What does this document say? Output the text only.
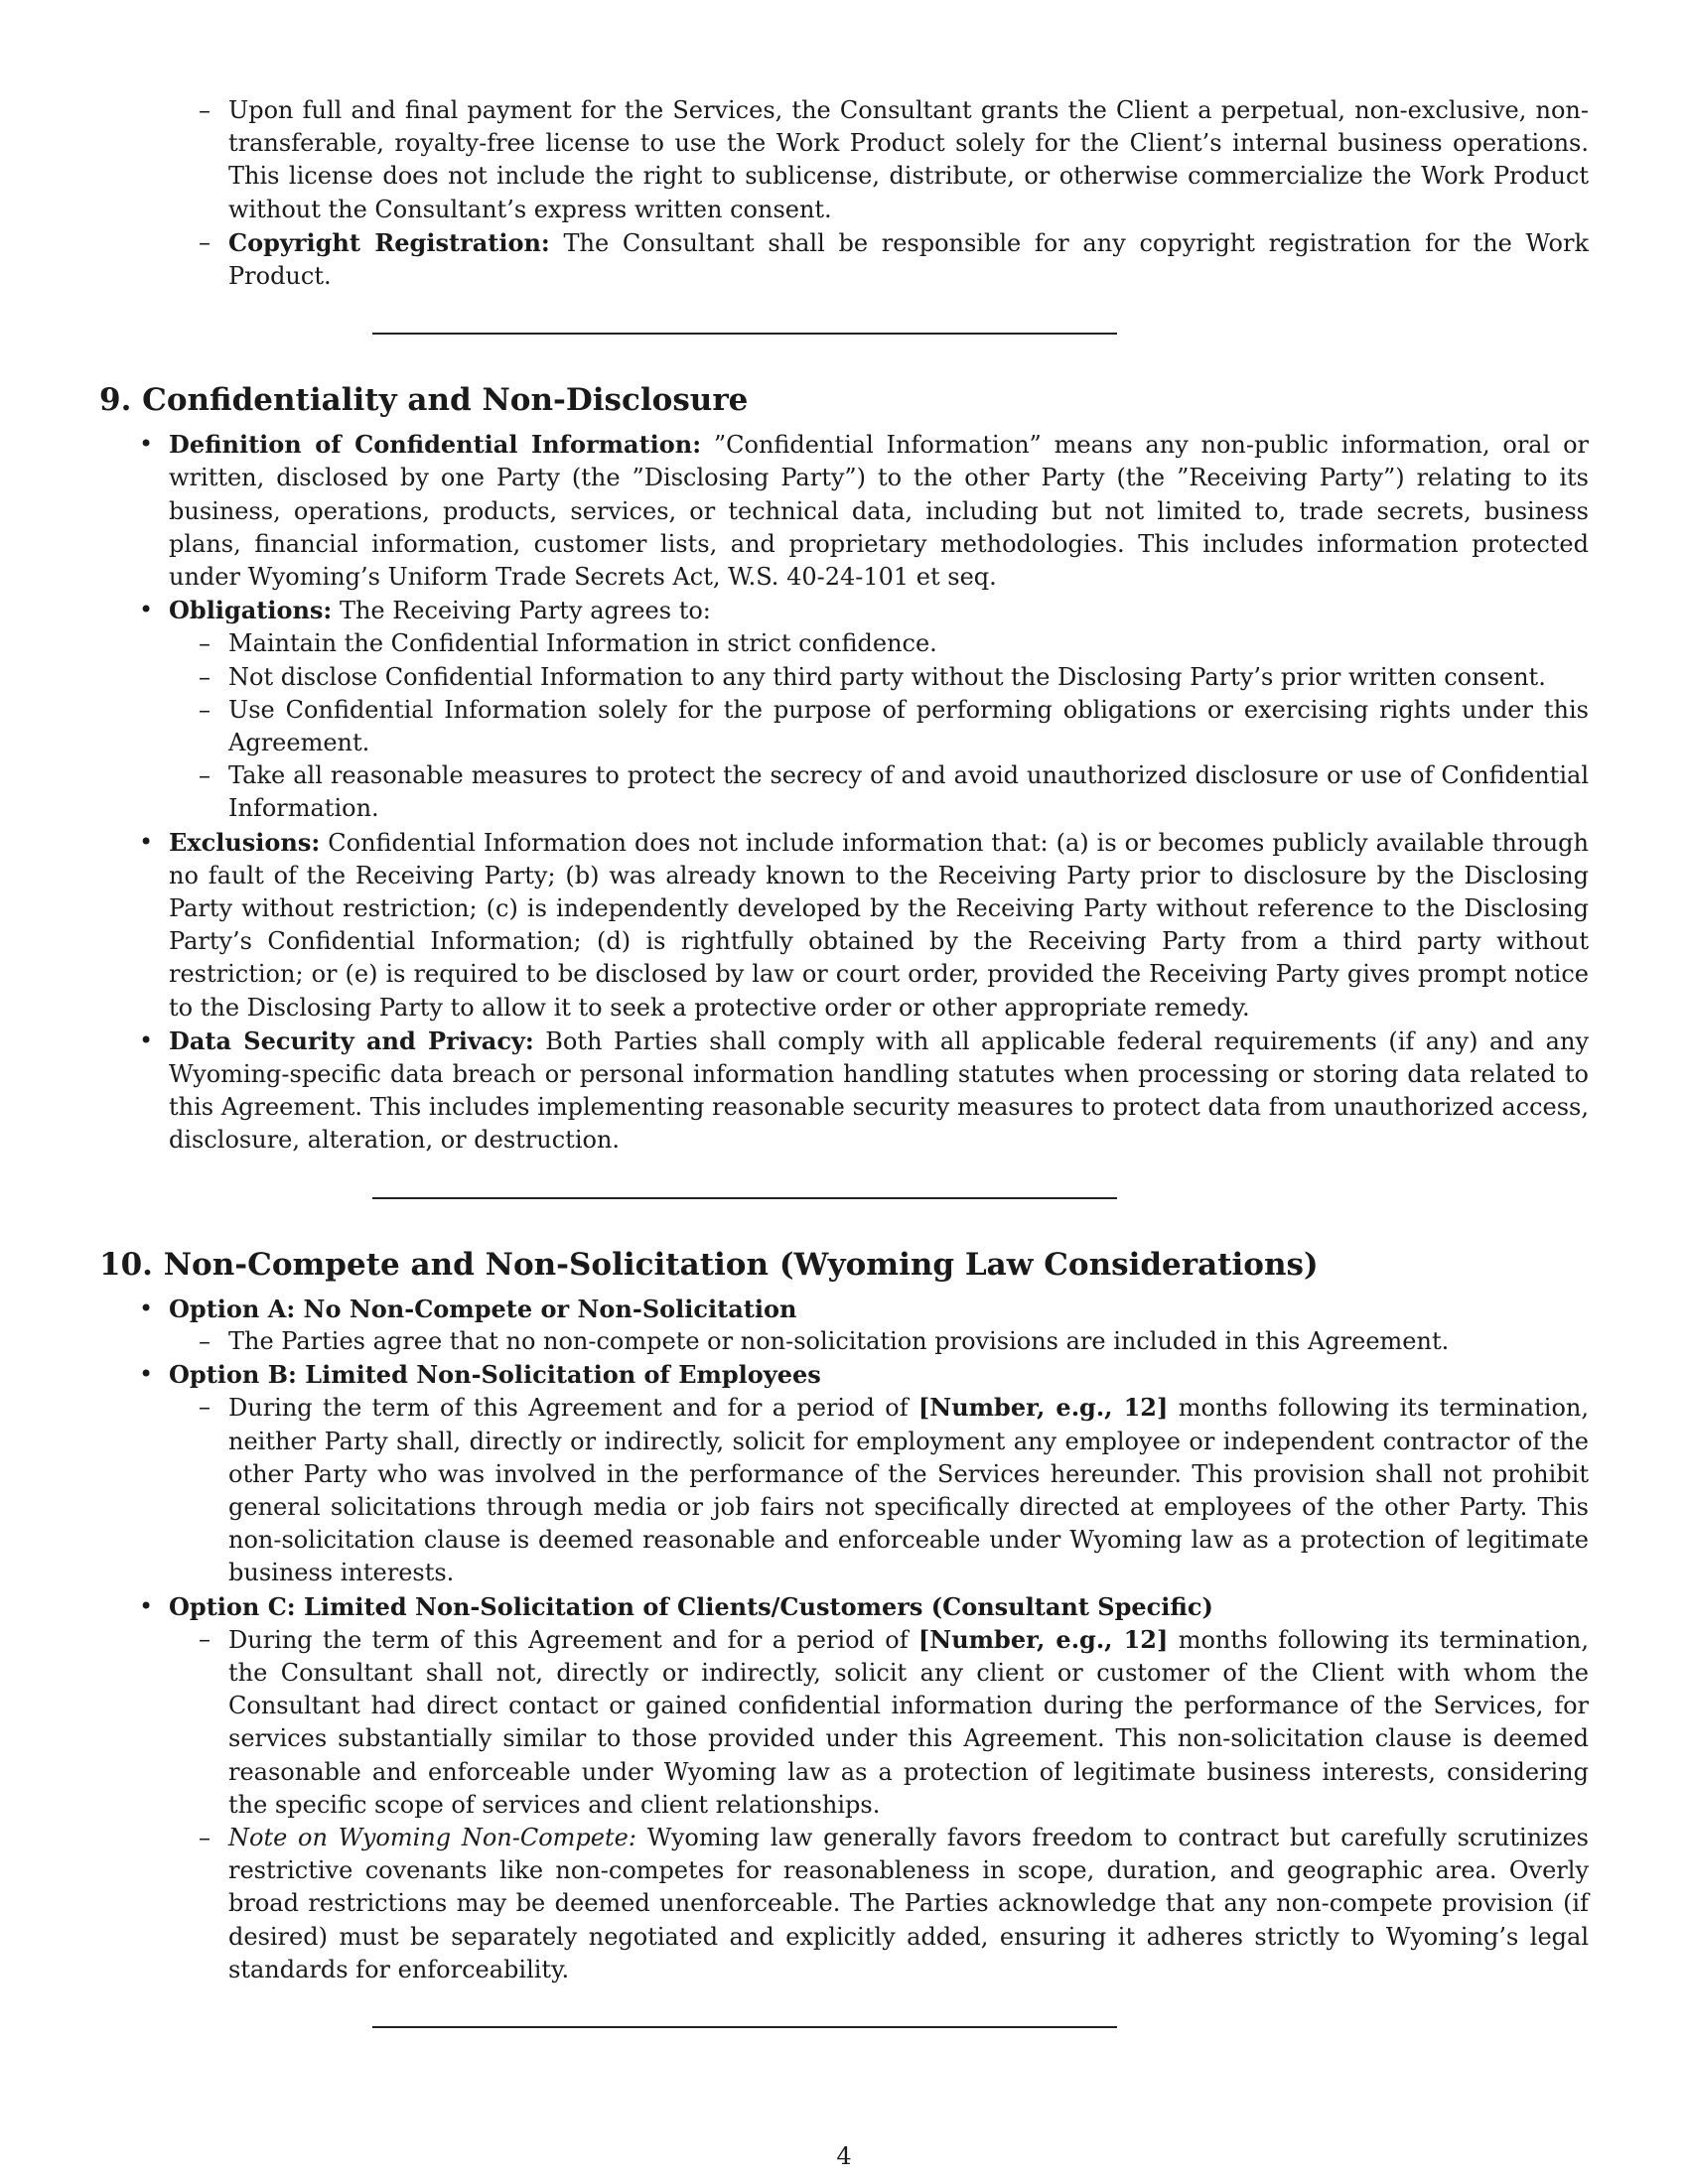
– Upon full and final payment for the Services, the Consultant grants the Client a perpetual, non-exclusive, non-transferable, royalty-free license to use the Work Product solely for the Client’s internal business operations. This license does not include the right to sublicense, distribute, or otherwise commercialize the Work Product without the Consultant’s express written consent.

– Copyright Registration: The Consultant shall be responsible for any copyright registration for the Work Product.

9. Confidentiality and Non-Disclosure
• Definition of Confidential Information: ”Confidential Information” means any non-public information, oral or written, disclosed by one Party (the ”Disclosing Party”) to the other Party (the ”Receiving Party”) relating to its business, operations, products, services, or technical data, including but not limited to, trade secrets, business plans, financial information, customer lists, and proprietary methodologies. This includes information protected under Wyoming’s Uniform Trade Secrets Act, W.S. 40-24-101 et seq.

• Obligations: The Receiving Party agrees to:

– Maintain the Confidential Information in strict confidence.

– Not disclose Confidential Information to any third party without the Disclosing Party’s prior written consent.

– Use Confidential Information solely for the purpose of performing obligations or exercising rights under this Agreement.

– Take all reasonable measures to protect the secrecy of and avoid unauthorized disclosure or use of Confidential Information.

• Exclusions: Confidential Information does not include information that: (a) is or becomes publicly available through no fault of the Receiving Party; (b) was already known to the Receiving Party prior to disclosure by the Disclosing Party without restriction; (c) is independently developed by the Receiving Party without reference to the Disclosing Party’s Confidential Information; (d) is rightfully obtained by the Receiving Party from a third party without restriction; or (e) is required to be disclosed by law or court order, provided the Receiving Party gives prompt notice to the Disclosing Party to allow it to seek a protective order or other appropriate remedy.

• Data Security and Privacy: Both Parties shall comply with all applicable federal requirements (if any) and any Wyoming-specific data breach or personal information handling statutes when processing or storing data related to this Agreement. This includes implementing reasonable security measures to protect data from unauthorized access, disclosure, alteration, or destruction.

10. Non-Compete and Non-Solicitation (Wyoming Law Considerations)
• Option A: No Non-Compete or Non-Solicitation

– The Parties agree that no non-compete or non-solicitation provisions are included in this Agreement.

• Option B: Limited Non-Solicitation of Employees

– During the term of this Agreement and for a period of [Number, e.g., 12] months following its termination, neither Party shall, directly or indirectly, solicit for employment any employee or independent contractor of the other Party who was involved in the performance of the Services hereunder. This provision shall not prohibit general solicitations through media or job fairs not specifically directed at employees of the other Party. This non-solicitation clause is deemed reasonable and enforceable under Wyoming law as a protection of legitimate business interests.

• Option C: Limited Non-Solicitation of Clients/Customers (Consultant Specific)

– During the term of this Agreement and for a period of [Number, e.g., 12] months following its termination, the Consultant shall not, directly or indirectly, solicit any client or customer of the Client with whom the Consultant had direct contact or gained confidential information during the performance of the Services, for services substantially similar to those provided under this Agreement. This non-solicitation clause is deemed reasonable and enforceable under Wyoming law as a protection of legitimate business interests, considering the specific scope of services and client relationships.

– Note on Wyoming Non-Compete: Wyoming law generally favors freedom to contract but carefully scrutinizes restrictive covenants like non-competes for reasonableness in scope, duration, and geographic area. Overly broad restrictions may be deemed unenforceable. The Parties acknowledge that any non-compete provision (if desired) must be separately negotiated and explicitly added, ensuring it adheres strictly to Wyoming’s legal standards for enforceability.

4
